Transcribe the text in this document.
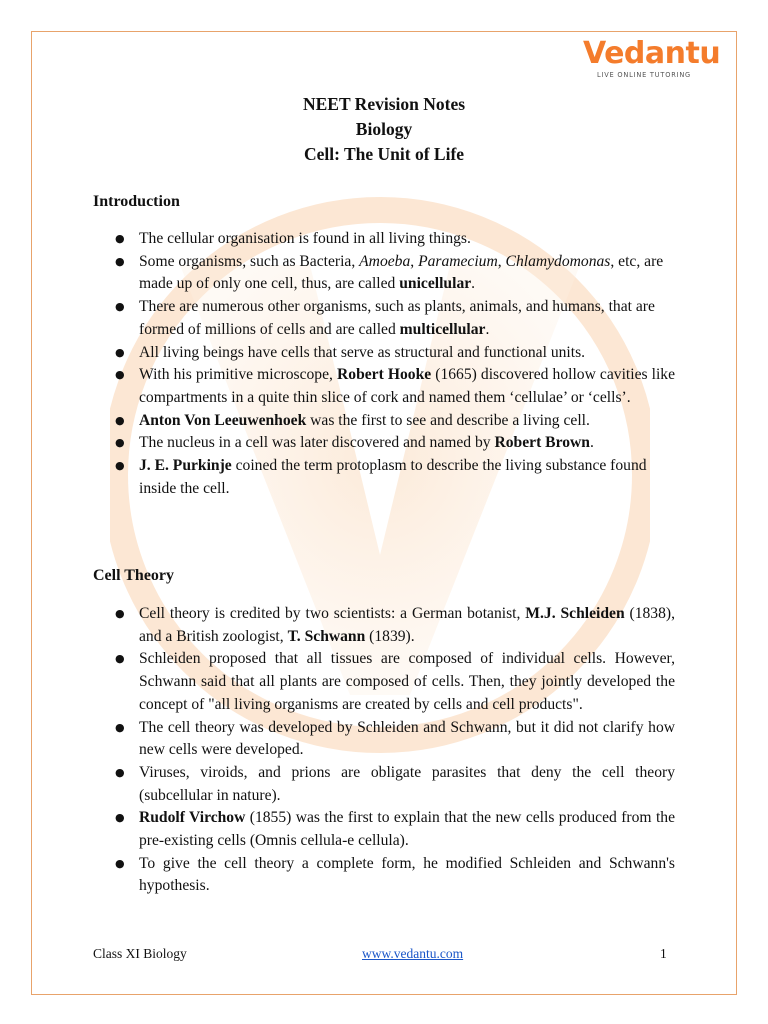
Vedantu
LIVE ONLINE TUTORING
NEET Revision Notes
Biology
Cell: The Unit of Life
Introduction
● The cellular organisation is found in all living things.
● Some organisms, such as Bacteria, Amoeba, Paramecium, Chlamydomonas, etc, are made up of only one cell, thus, are called unicellular.
● There are numerous other organisms, such as plants, animals, and humans, that are formed of millions of cells and are called multicellular.
● All living beings have cells that serve as structural and functional units.
● With his primitive microscope, Robert Hooke (1665) discovered hollow cavities like compartments in a quite thin slice of cork and named them ‘cellulae’ or ‘cells’.
● Anton Von Leeuwenhoek was the first to see and describe a living cell.
● The nucleus in a cell was later discovered and named by Robert Brown.
● J. E. Purkinje coined the term protoplasm to describe the living substance found inside the cell.
Cell Theory
● Cell theory is credited by two scientists: a German botanist, M.J. Schleiden (1838), and a British zoologist, T. Schwann (1839).
● Schleiden proposed that all tissues are composed of individual cells. However, Schwann said that all plants are composed of cells. Then, they jointly developed the concept of "all living organisms are created by cells and cell products".
● The cell theory was developed by Schleiden and Schwann, but it did not clarify how new cells were developed.
● Viruses, viroids, and prions are obligate parasites that deny the cell theory (subcellular in nature).
● Rudolf Virchow (1855) was the first to explain that the new cells produced from the pre-existing cells (Omnis cellula-e cellula).
● To give the cell theory a complete form, he modified Schleiden and Schwann's hypothesis.
Class XI Biology	www.vedantu.com	1
